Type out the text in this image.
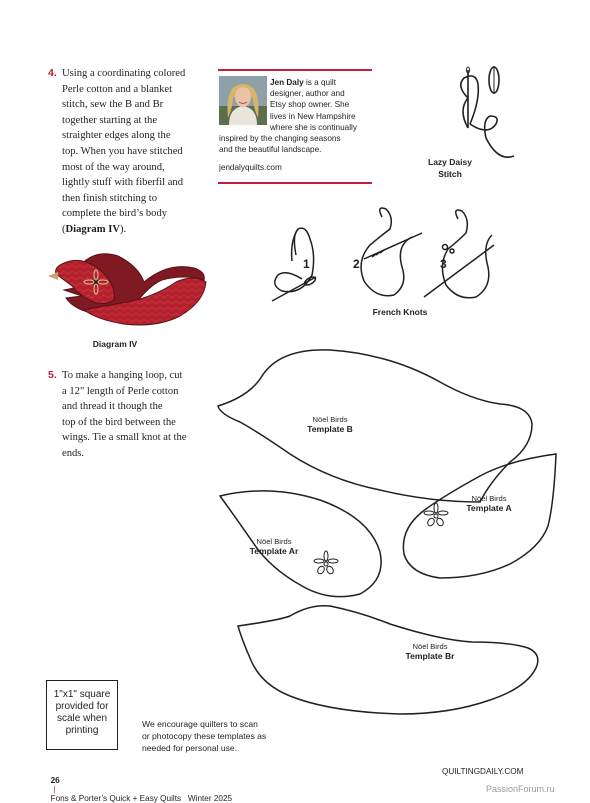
4. Using a coordinating colored
Perle cotton and a blanket
stitch, sew the B and Br
together starting at the
straighter edges along the
top. When you have stitched
most of the way around,
lightly stuff with fiberfil and
then finish stitching to
complete the bird’s body
(Diagram IV).
Jen Daly is a quilt
designer, author and
Etsy shop owner. She
lives in New Hampshire
where she is continually
inspired by the changing seasons
and the beautiful landscape.
jendalyquilts.com
Lazy Daisy
Stitch
1	2	3
French Knots
Diagram IV
5. To make a hanging loop, cut
a 12" length of Perle cotton
and thread it though the
top of the bird between the
wings. Tie a small knot at the
ends.
Nöel Birds
Template B
Nöel Birds
Template A
Nöel Birds
Template Ar
Nöel Birds
Template Br
1"x1" square
provided for
scale when
printing
We encourage quilters to scan
or photocopy these templates as
needed for personal use.

26
|
Fons & Porter’s Quick + Easy Quilts   Winter 2025

QUILTINGDAILY.COM
PassionForum.ru
